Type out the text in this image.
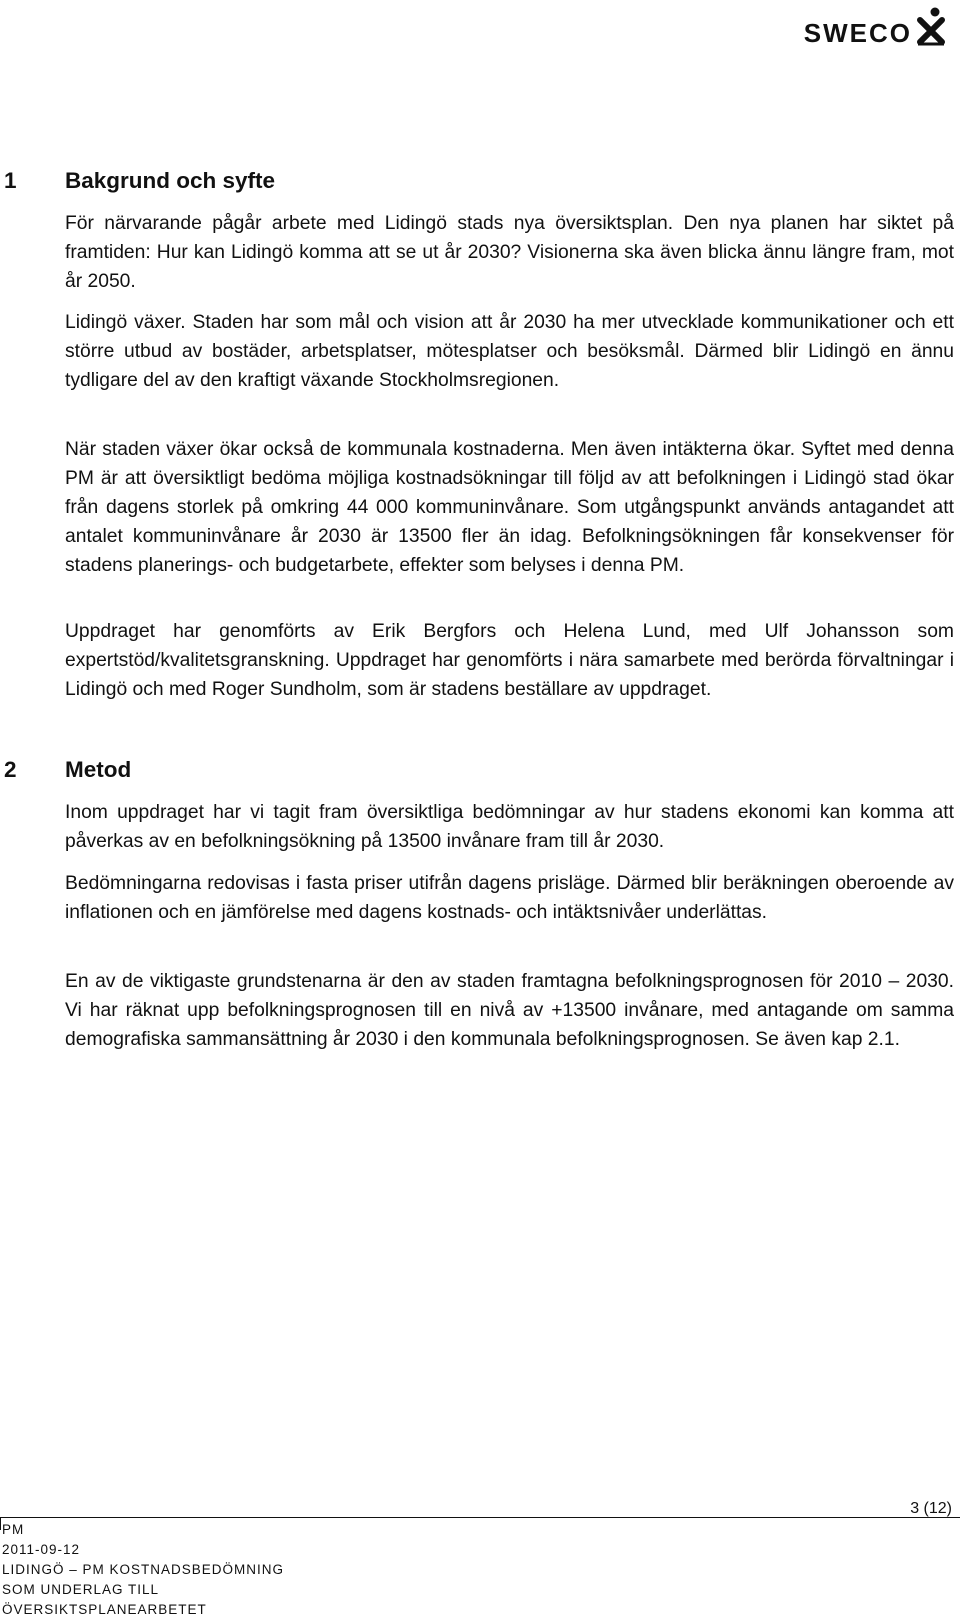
SWECO
1 Bakgrund och syfte

För närvarande pågår arbete med Lidingö stads nya översiktsplan. Den nya planen har siktet på framtiden: Hur kan Lidingö komma att se ut år 2030? Visionerna ska även blicka ännu längre fram, mot år 2050.

Lidingö växer. Staden har som mål och vision att år 2030 ha mer utvecklade kommunikationer och ett större utbud av bostäder, arbetsplatser, mötesplatser och besöksmål. Därmed blir Lidingö en ännu tydligare del av den kraftigt växande Stockholmsregionen.

När staden växer ökar också de kommunala kostnaderna. Men även intäkterna ökar. Syftet med denna PM är att översiktligt bedöma möjliga kostnadsökningar till följd av att befolkningen i Lidingö stad ökar från dagens storlek på omkring 44 000 kommuninvånare. Som utgångspunkt används antagandet att antalet kommuninvånare år 2030 är 13500 fler än idag. Befolkningsökningen får konsekvenser för stadens planerings- och budgetarbete, effekter som belyses i denna PM.

Uppdraget har genomförts av Erik Bergfors och Helena Lund, med Ulf Johansson som expertstöd/kvalitetsgranskning. Uppdraget har genomförts i nära samarbete med berörda förvaltningar i Lidingö och med Roger Sundholm, som är stadens beställare av uppdraget.

2 Metod

Inom uppdraget har vi tagit fram översiktliga bedömningar av hur stadens ekonomi kan komma att påverkas av en befolkningsökning på 13500 invånare fram till år 2030.

Bedömningarna redovisas i fasta priser utifrån dagens prisläge. Därmed blir beräkningen oberoende av inflationen och en jämförelse med dagens kostnads- och intäktsnivåer underlättas.

En av de viktigaste grundstenarna är den av staden framtagna befolkningsprognosen för 2010 – 2030. Vi har räknat upp befolkningsprognosen till en nivå av +13500 invånare, med antagande om samma demografiska sammansättning år 2030 i den kommunala befolkningsprognosen. Se även kap 2.1.

3 (12)
PM
2011-09-12
LIDINGÖ – PM KOSTNADSBEDÖMNING
SOM UNDERLAG TILL
ÖVERSIKTSPLANEARBETET
